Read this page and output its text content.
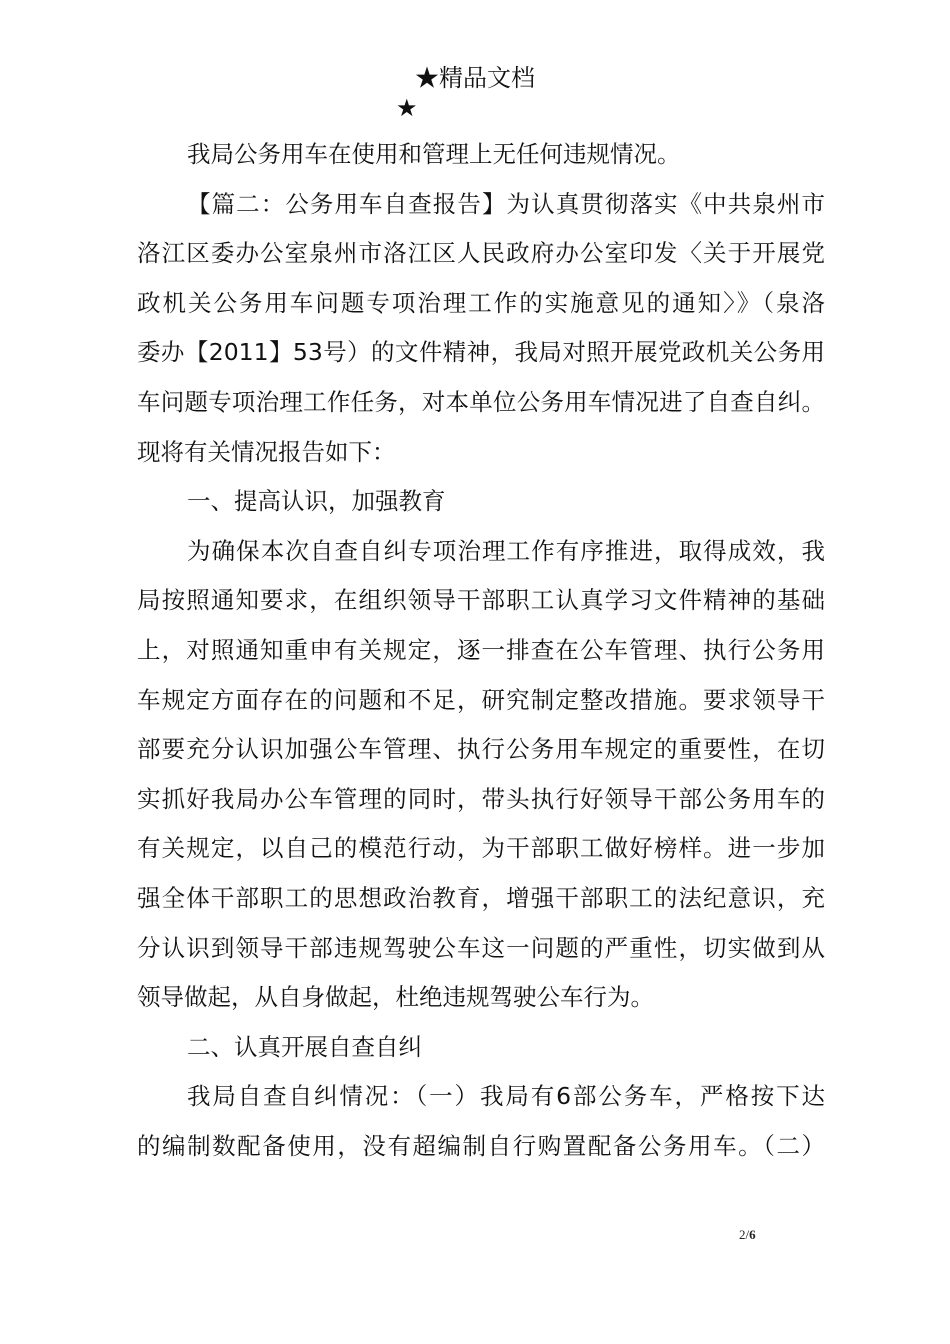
★精品文档
★
我局公务用车在使用和管理上无任何违规情况。
【篇二：公务用车自查报告】为认真贯彻落实《中共泉州市
洛江区委办公室泉州市洛江区人民政府办公室印发〈关于开展党
政机关公务用车问题专项治理工作的实施意见的通知〉》（泉洛
委办【2011】53号）的文件精神，我局对照开展党政机关公务用
车问题专项治理工作任务，对本单位公务用车情况进了自查自纠。
现将有关情况报告如下：
一、提高认识，加强教育
为确保本次自查自纠专项治理工作有序推进，取得成效，我
局按照通知要求，在组织领导干部职工认真学习文件精神的基础
上，对照通知重申有关规定，逐一排查在公车管理、执行公务用
车规定方面存在的问题和不足，研究制定整改措施。要求领导干
部要充分认识加强公车管理、执行公务用车规定的重要性，在切
实抓好我局办公车管理的同时，带头执行好领导干部公务用车的
有关规定，以自己的模范行动，为干部职工做好榜样。进一步加
强全体干部职工的思想政治教育，增强干部职工的法纪意识，充
分认识到领导干部违规驾驶公车这一问题的严重性，切实做到从
领导做起，从自身做起，杜绝违规驾驶公车行为。
二、认真开展自查自纠
我局自查自纠情况：（一）我局有6部公务车，严格按下达
的编制数配备使用，没有超编制自行购置配备公务用车。（二）
2/6
